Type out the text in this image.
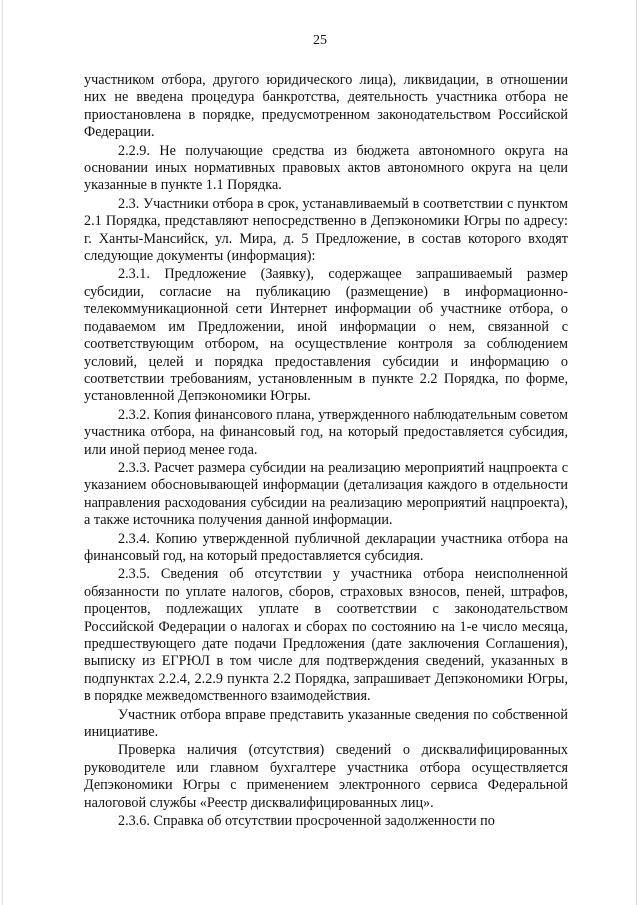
25

участником отбора, другого юридического лица), ликвидации, в отношении них не введена процедура банкротства, деятельность участника отбора не приостановлена в порядке, предусмотренном законодательством Российской Федерации.

2.2.9. Не получающие средства из бюджета автономного округа на основании иных нормативных правовых актов автономного округа на цели указанные в пункте 1.1 Порядка.

2.3. Участники отбора в срок, устанавливаемый в соответствии с пунктом 2.1 Порядка, представляют непосредственно в Депэкономики Югры по адресу: г. Ханты-Мансийск, ул. Мира, д. 5 Предложение, в состав которого входят следующие документы (информация):

2.3.1. Предложение (Заявку), содержащее запрашиваемый размер субсидии, согласие на публикацию (размещение) в информационно-телекоммуникационной сети Интернет информации об участнике отбора, о подаваемом им Предложении, иной информации о нем, связанной с соответствующим отбором, на осуществление контроля за соблюдением условий, целей и порядка предоставления субсидии и информацию о соответствии требованиям, установленным в пункте 2.2 Порядка, по форме, установленной Депэкономики Югры.

2.3.2. Копия финансового плана, утвержденного наблюдательным советом участника отбора, на финансовый год, на который предоставляется субсидия, или иной период менее года.

2.3.3. Расчет размера субсидии на реализацию мероприятий нацпроекта с указанием обосновывающей информации (детализация каждого в отдельности направления расходования субсидии на реализацию мероприятий нацпроекта), а также источника получения данной информации.

2.3.4. Копию утвержденной публичной декларации участника отбора на финансовый год, на который предоставляется субсидия.

2.3.5. Сведения об отсутствии у участника отбора неисполненной обязанности по уплате налогов, сборов, страховых взносов, пеней, штрафов, процентов, подлежащих уплате в соответствии с законодательством Российской Федерации о налогах и сборах по состоянию на 1-е число месяца, предшествующего дате подачи Предложения (дате заключения Соглашения), выписку из ЕГРЮЛ в том числе для подтверждения сведений, указанных в подпунктах 2.2.4, 2.2.9 пункта 2.2 Порядка, запрашивает Депэкономики Югры, в порядке межведомственного взаимодействия.

Участник отбора вправе представить указанные сведения по собственной инициативе.

Проверка наличия (отсутствия) сведений о дисквалифицированных руководителе или главном бухгалтере участника отбора осуществляется Депэкономики Югры с применением электронного сервиса Федеральной налоговой службы «Реестр дисквалифицированных лиц».

2.3.6. Справка об отсутствии просроченной задолженности по
